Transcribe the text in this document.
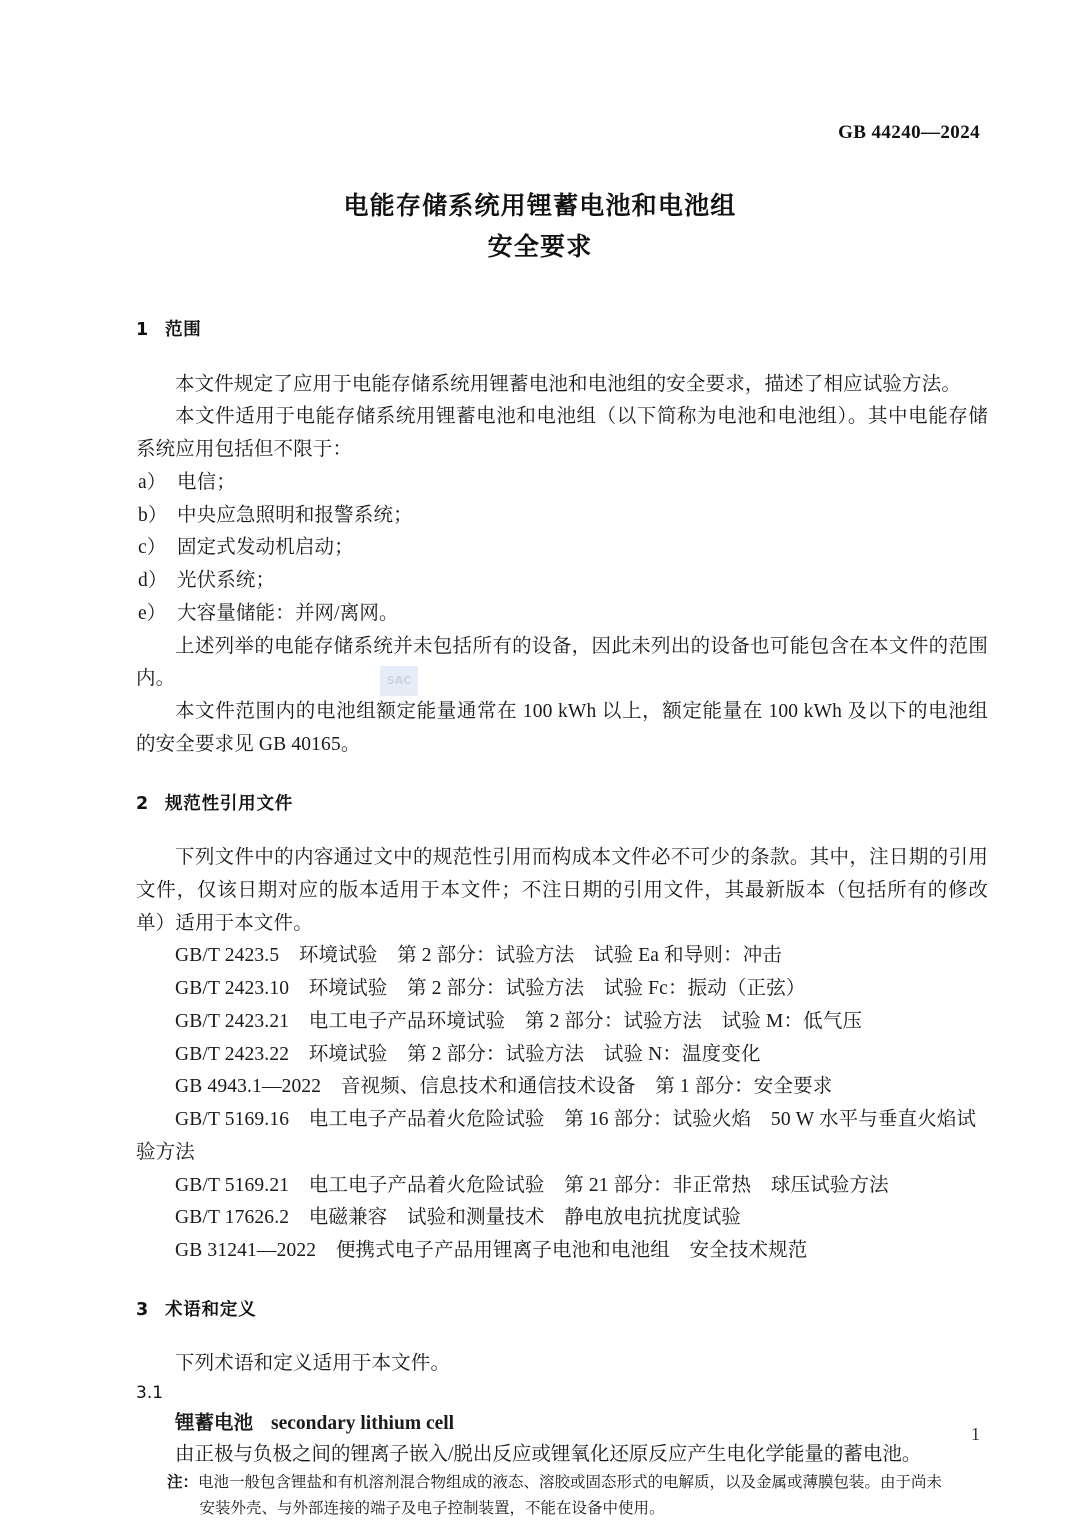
GB 44240—2024
电能存储系统用锂蓄电池和电池组
安全要求
1 范围

本文件规定了应用于电能存储系统用锂蓄电池和电池组的安全要求，描述了相应试验方法。

本文件适用于电能存储系统用锂蓄电池和电池组（以下简称为电池和电池组）。其中电能存储系统应用包括但不限于：

a） 电信；
b） 中央应急照明和报警系统；
c） 固定式发动机启动；
d） 光伏系统；
e） 大容量储能：并网/离网。

上述列举的电能存储系统并未包括所有的设备，因此未列出的设备也可能包含在本文件的范围内。

本文件范围内的电池组额定能量通常在 100 kWh 以上，额定能量在 100 kWh 及以下的电池组的安全要求见 GB 40165。

2 规范性引用文件

下列文件中的内容通过文中的规范性引用而构成本文件必不可少的条款。其中，注日期的引用文件，仅该日期对应的版本适用于本文件；不注日期的引用文件，其最新版本（包括所有的修改单）适用于本文件。

GB/T 2423.5　环境试验　第 2 部分：试验方法　试验 Ea 和导则：冲击
GB/T 2423.10　环境试验　第 2 部分：试验方法　试验 Fc：振动（正弦）
GB/T 2423.21　电工电子产品环境试验　第 2 部分：试验方法　试验 M：低气压
GB/T 2423.22　环境试验　第 2 部分：试验方法　试验 N：温度变化
GB 4943.1—2022　音视频、信息技术和通信技术设备　第 1 部分：安全要求
GB/T 5169.16　电工电子产品着火危险试验　第 16 部分：试验火焰　50 W 水平与垂直火焰试验方法
GB/T 5169.21　电工电子产品着火危险试验　第 21 部分：非正常热　球压试验方法
GB/T 17626.2　电磁兼容　试验和测量技术　静电放电抗扰度试验
GB 31241—2022　便携式电子产品用锂离子电池和电池组　安全技术规范
3 术语和定义

下列术语和定义适用于本文件。

3.1
锂蓄电池 secondary lithium cell

由正极与负极之间的锂离子嵌入/脱出反应或锂氧化还原反应产生电化学能量的蓄电池。

注：电池一般包含锂盐和有机溶剂混合物组成的液态、溶胶或固态形式的电解质，以及金属或薄膜包装。由于尚未
安装外壳、与外部连接的端子及电子控制装置，不能在设备中使用。

SAC
1
